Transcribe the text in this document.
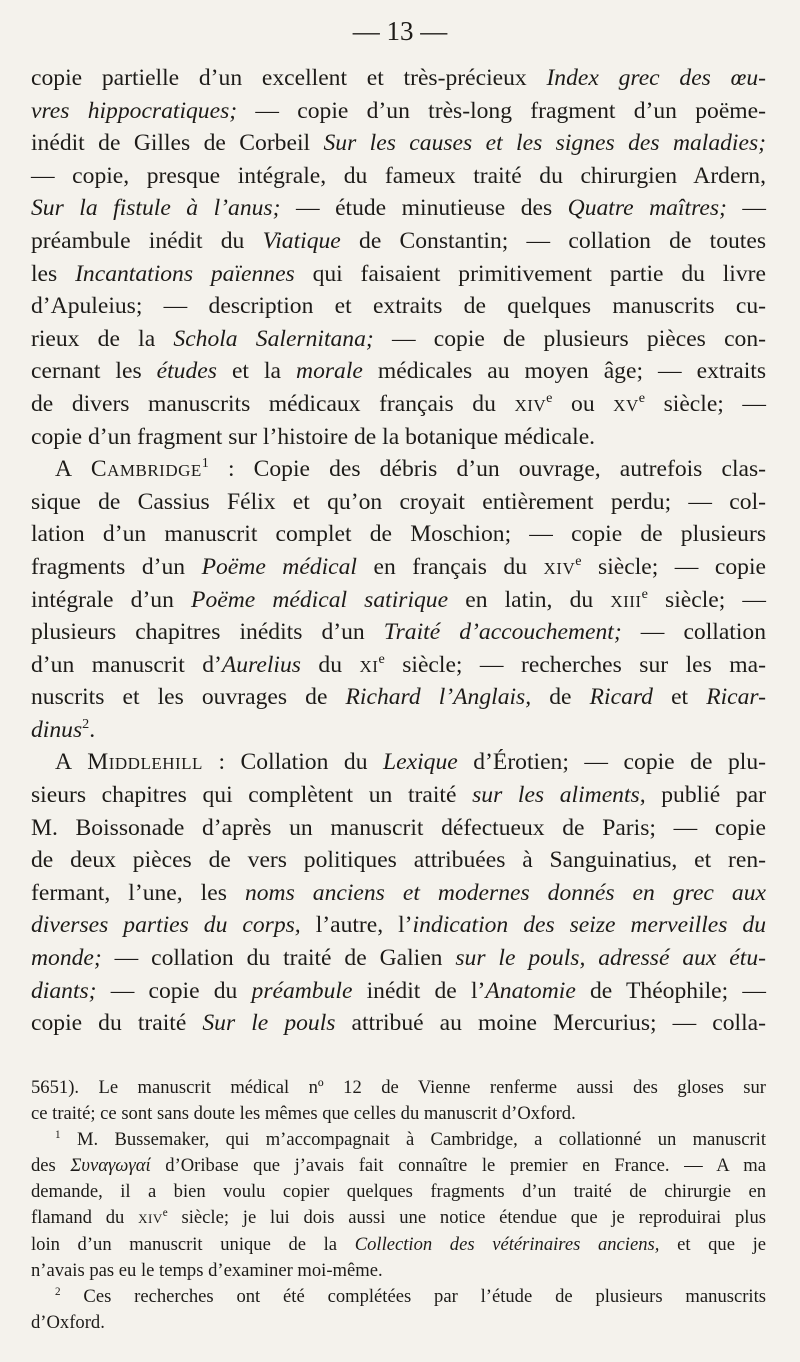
— 13 —
copie partielle d’un excellent et très-précieux Index grec des œu-
vres hippocratiques; — copie d’un très-long fragment d’un poëme-
inédit de Gilles de Corbeil Sur les causes et les signes des maladies;
— copie, presque intégrale, du fameux traité du chirurgien Ardern,
Sur la fistule à l’anus; — étude minutieuse des Quatre maîtres; —
préambule inédit du Viatique de Constantin; — collation de toutes
les Incantations païennes qui faisaient primitivement partie du livre
d’Apuleius; — description et extraits de quelques manuscrits cu-
rieux de la Schola Salernitana; — copie de plusieurs pièces con-
cernant les études et la morale médicales au moyen âge; — extraits
de divers manuscrits médicaux français du xiv$^e$ ou $xv^e$ siècle; —
copie d’un fragment sur l’histoire de la botanique médicale.
A Cambridge$^1$ : Copie des débris d’un ouvrage, autrefois clas-
sique de Cassius Félix et qu’on croyait entièrement perdu; — col-
lation d’un manuscrit complet de Moschion; — copie de plusieurs
fragments d’un Poëme médical en français du xiv$^e$ siècle; — copie
intégrale d’un Poëme médical satirique en latin, du xiii$^e$ siècle; —
plusieurs chapitres inédits d’un Traité d’accouchement; — collation
d’un manuscrit d’Aurelius du $xi^e$ siècle; — recherches sur les ma-
nuscrits et les ouvrages de Richard l’Anglais, de Ricard et Ricar-
dinus$^2$.
A Middlehill : Collation du Lexique d’Érotien; — copie de plu-
sieurs chapitres qui complètent un traité sur les aliments, publié par
M. Boissonade d’après un manuscrit défectueux de Paris; — copie
de deux pièces de vers politiques attribuées à Sanguinatius, et ren-
fermant, l’une, les noms anciens et modernes donnés en grec aux
diverses parties du corps, l’autre, l’indication des seize merveilles du
monde; — collation du traité de Galien sur le pouls, adressé aux étu-
diants; — copie du préambule inédit de l’Anatomie de Théophile; —
copie du traité Sur le pouls attribué au moine Mercurius; — colla-
5651). Le manuscrit médical nº 12 de Vienne renferme aussi des gloses sur
ce traité; ce sont sans doute les mêmes que celles du manuscrit d’Oxford.
$^1$ M. Bussemaker, qui m’accompagnait à Cambridge, a collationné un manuscrit
des Συναγωγαί d’Oribase que j’avais fait connaître le premier en France. — A ma
demande, il a bien voulu copier quelques fragments d’un traité de chirurgie en
flamand du xiv$^e$ siècle; je lui dois aussi une notice étendue que je reproduirai plus
loin d’un manuscrit unique de la Collection des vétérinaires anciens, et que je
n’avais pas eu le temps d’examiner moi-même.
$^2$ Ces recherches ont été complétées par l’étude de plusieurs manuscrits
d’Oxford.
